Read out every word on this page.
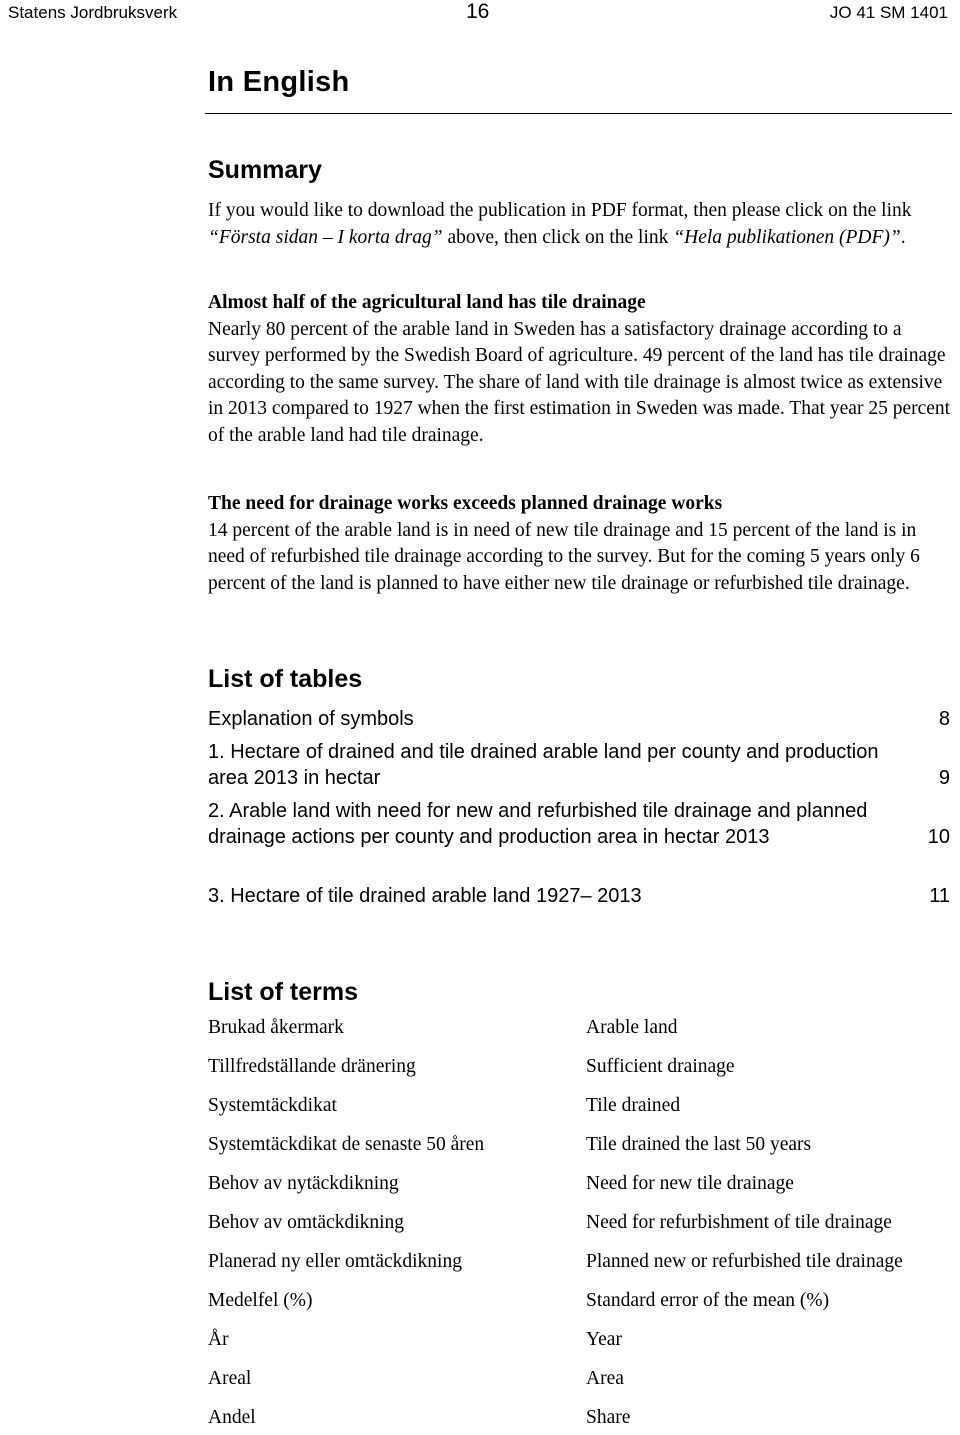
Statens Jordbruksverk	16	JO 41 SM 1401
In English
Summary
If you would like to download the publication in PDF format, then please click on the link “Första sidan – I korta drag” above, then click on the link “Hela publikationen (PDF)”.
Almost half of the agricultural land has tile drainage
Nearly 80 percent of the arable land in Sweden has a satisfactory drainage according to a survey performed by the Swedish Board of agriculture. 49 percent of the land has tile drainage according to the same survey. The share of land with tile drainage is almost twice as extensive in 2013 compared to 1927 when the first estimation in Sweden was made. That year 25 percent of the arable land had tile drainage.
The need for drainage works exceeds planned drainage works
14 percent of the arable land is in need of new tile drainage and 15 percent of the land is in need of refurbished tile drainage according to the survey. But for the coming 5 years only 6 percent of the land is planned to have either new tile drainage or refurbished tile drainage.
List of tables
Explanation of symbols	8
1. Hectare of drained and tile drained arable land per county and production area 2013 in hectar	9
2. Arable land with need for new and refurbished tile drainage and planned drainage actions per county and production area in hectar 2013	10
3. Hectare of tile drained arable land 1927– 2013	11
List of terms
Brukad åkermark	Arable land
Tillfredställande dränering	Sufficient drainage
Systemtäckdikat	Tile drained
Systemtäckdikat de senaste 50 åren	Tile drained the last 50 years
Behov av nytäckdikning	Need for new tile drainage
Behov av omtäckdikning	Need for refurbishment of tile drainage
Planerad ny eller omtäckdikning	Planned new or refurbished tile drainage
Medelfel (%)	Standard error of the mean (%)
År	Year
Areal	Area
Andel	Share
